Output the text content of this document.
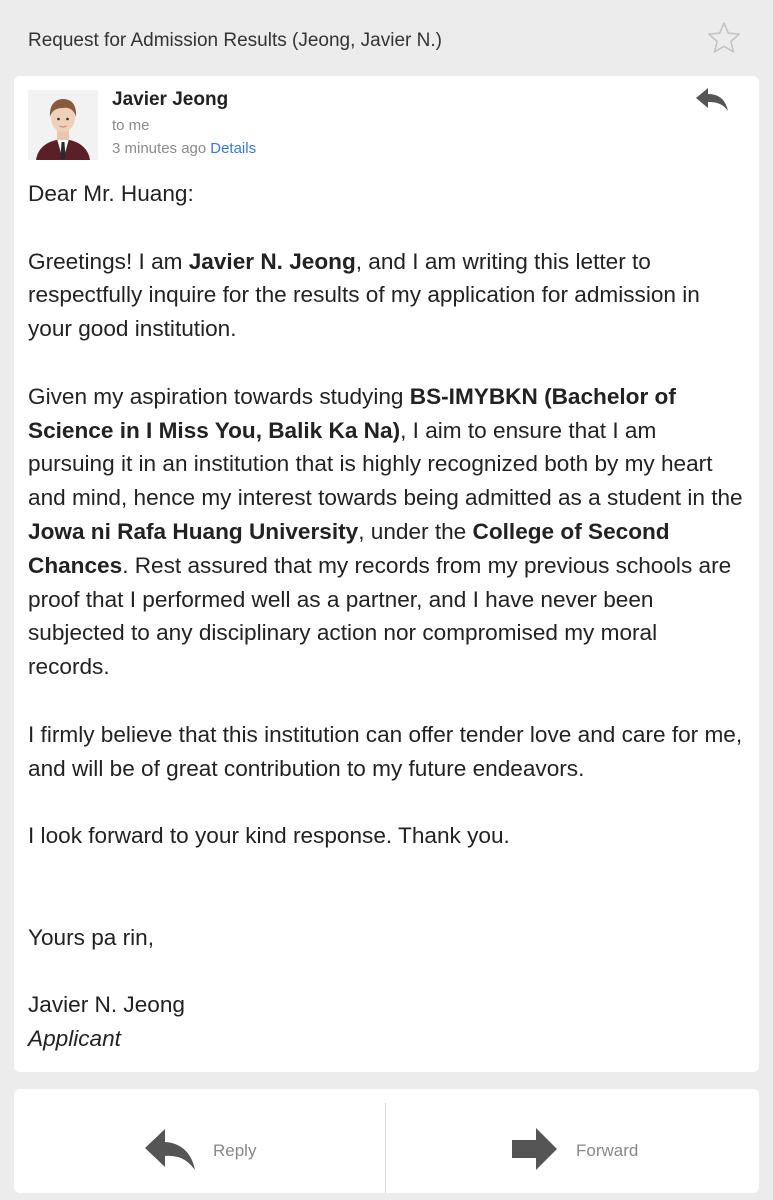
Request for Admission Results (Jeong, Javier N.)
Javier Jeong
to me
3 minutes ago Details

Dear Mr. Huang:

Greetings! I am Javier N. Jeong, and I am writing this letter to respectfully inquire for the results of my application for admission in your good institution.

Given my aspiration towards studying BS-IMYBKN (Bachelor of Science in I Miss You, Balik Ka Na), I aim to ensure that I am pursuing it in an institution that is highly recognized both by my heart and mind, hence my interest towards being admitted as a student in the Jowa ni Rafa Huang University, under the College of Second Chances. Rest assured that my records from my previous schools are proof that I performed well as a partner, and I have never been subjected to any disciplinary action nor compromised my moral records.

I firmly believe that this institution can offer tender love and care for me, and will be of great contribution to my future endeavors.

I look forward to your kind response. Thank you.

Yours pa rin,

Javier N. Jeong

Applicant

Reply	Forward
